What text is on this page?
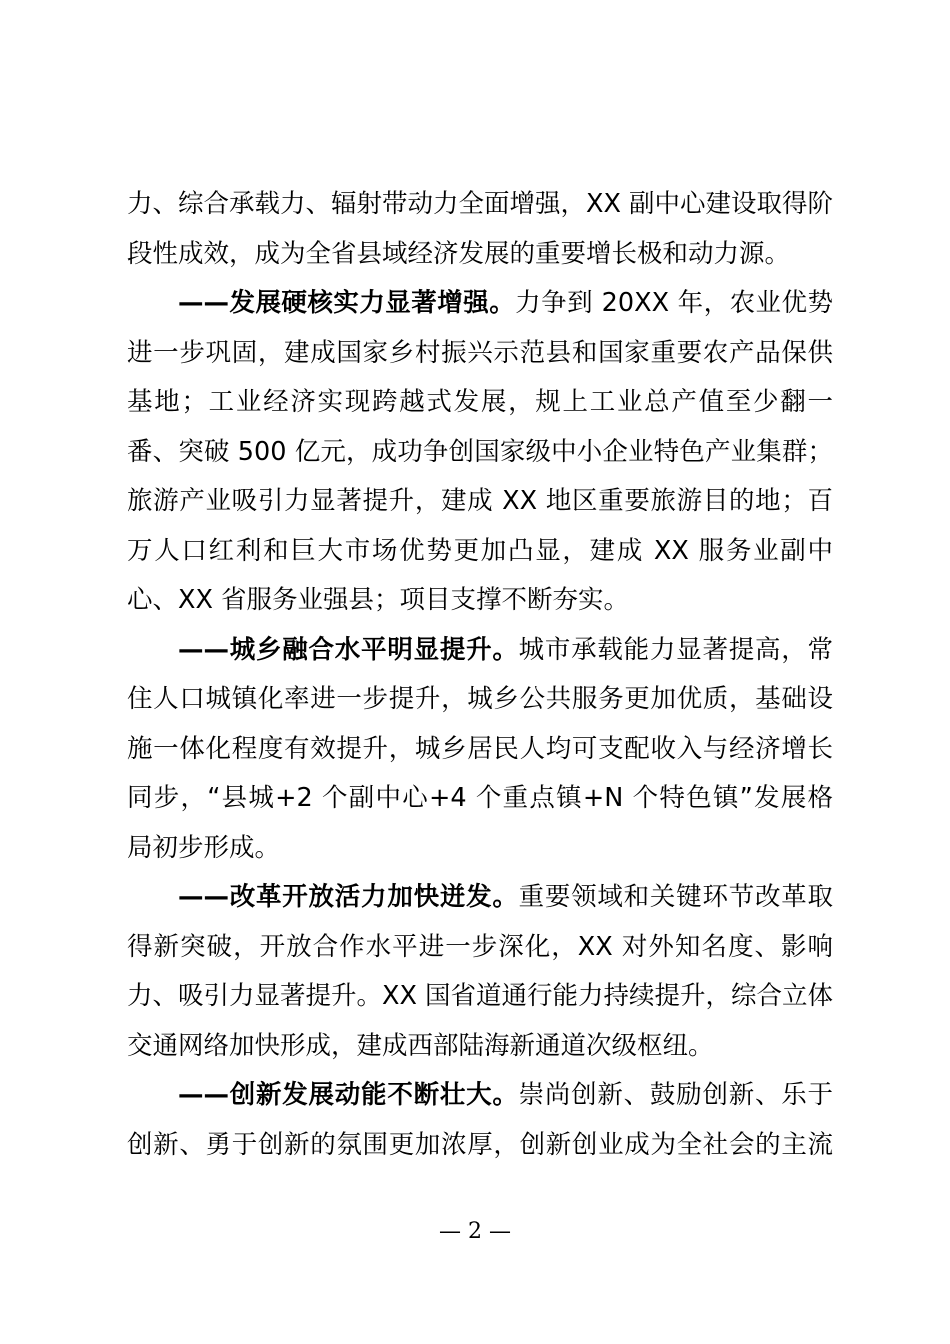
力、综合承载力、辐射带动力全面增强，XX 副中心建设取得阶
段性成效，成为全省县域经济发展的重要增长极和动力源。
——发展硬核实力显著增强。力争到 20XX 年，农业优势
进一步巩固，建成国家乡村振兴示范县和国家重要农产品保供
基地；工业经济实现跨越式发展，规上工业总产值至少翻一
番、突破 500 亿元，成功争创国家级中小企业特色产业集群；
旅游产业吸引力显著提升，建成 XX 地区重要旅游目的地；百
万人口红利和巨大市场优势更加凸显，建成 XX 服务业副中
心、XX 省服务业强县；项目支撑不断夯实。
——城乡融合水平明显提升。城市承载能力显著提高，常
住人口城镇化率进一步提升，城乡公共服务更加优质，基础设
施一体化程度有效提升，城乡居民人均可支配收入与经济增长
同步，“县城+2 个副中心+4 个重点镇+N 个特色镇”发展格
局初步形成。
——改革开放活力加快迸发。重要领域和关键环节改革取
得新突破，开放合作水平进一步深化，XX 对外知名度、影响
力、吸引力显著提升。XX 国省道通行能力持续提升，综合立体
交通网络加快形成，建成西部陆海新通道次级枢纽。
——创新发展动能不断壮大。崇尚创新、鼓励创新、乐于
创新、勇于创新的氛围更加浓厚，创新创业成为全社会的主流
— 2 —
